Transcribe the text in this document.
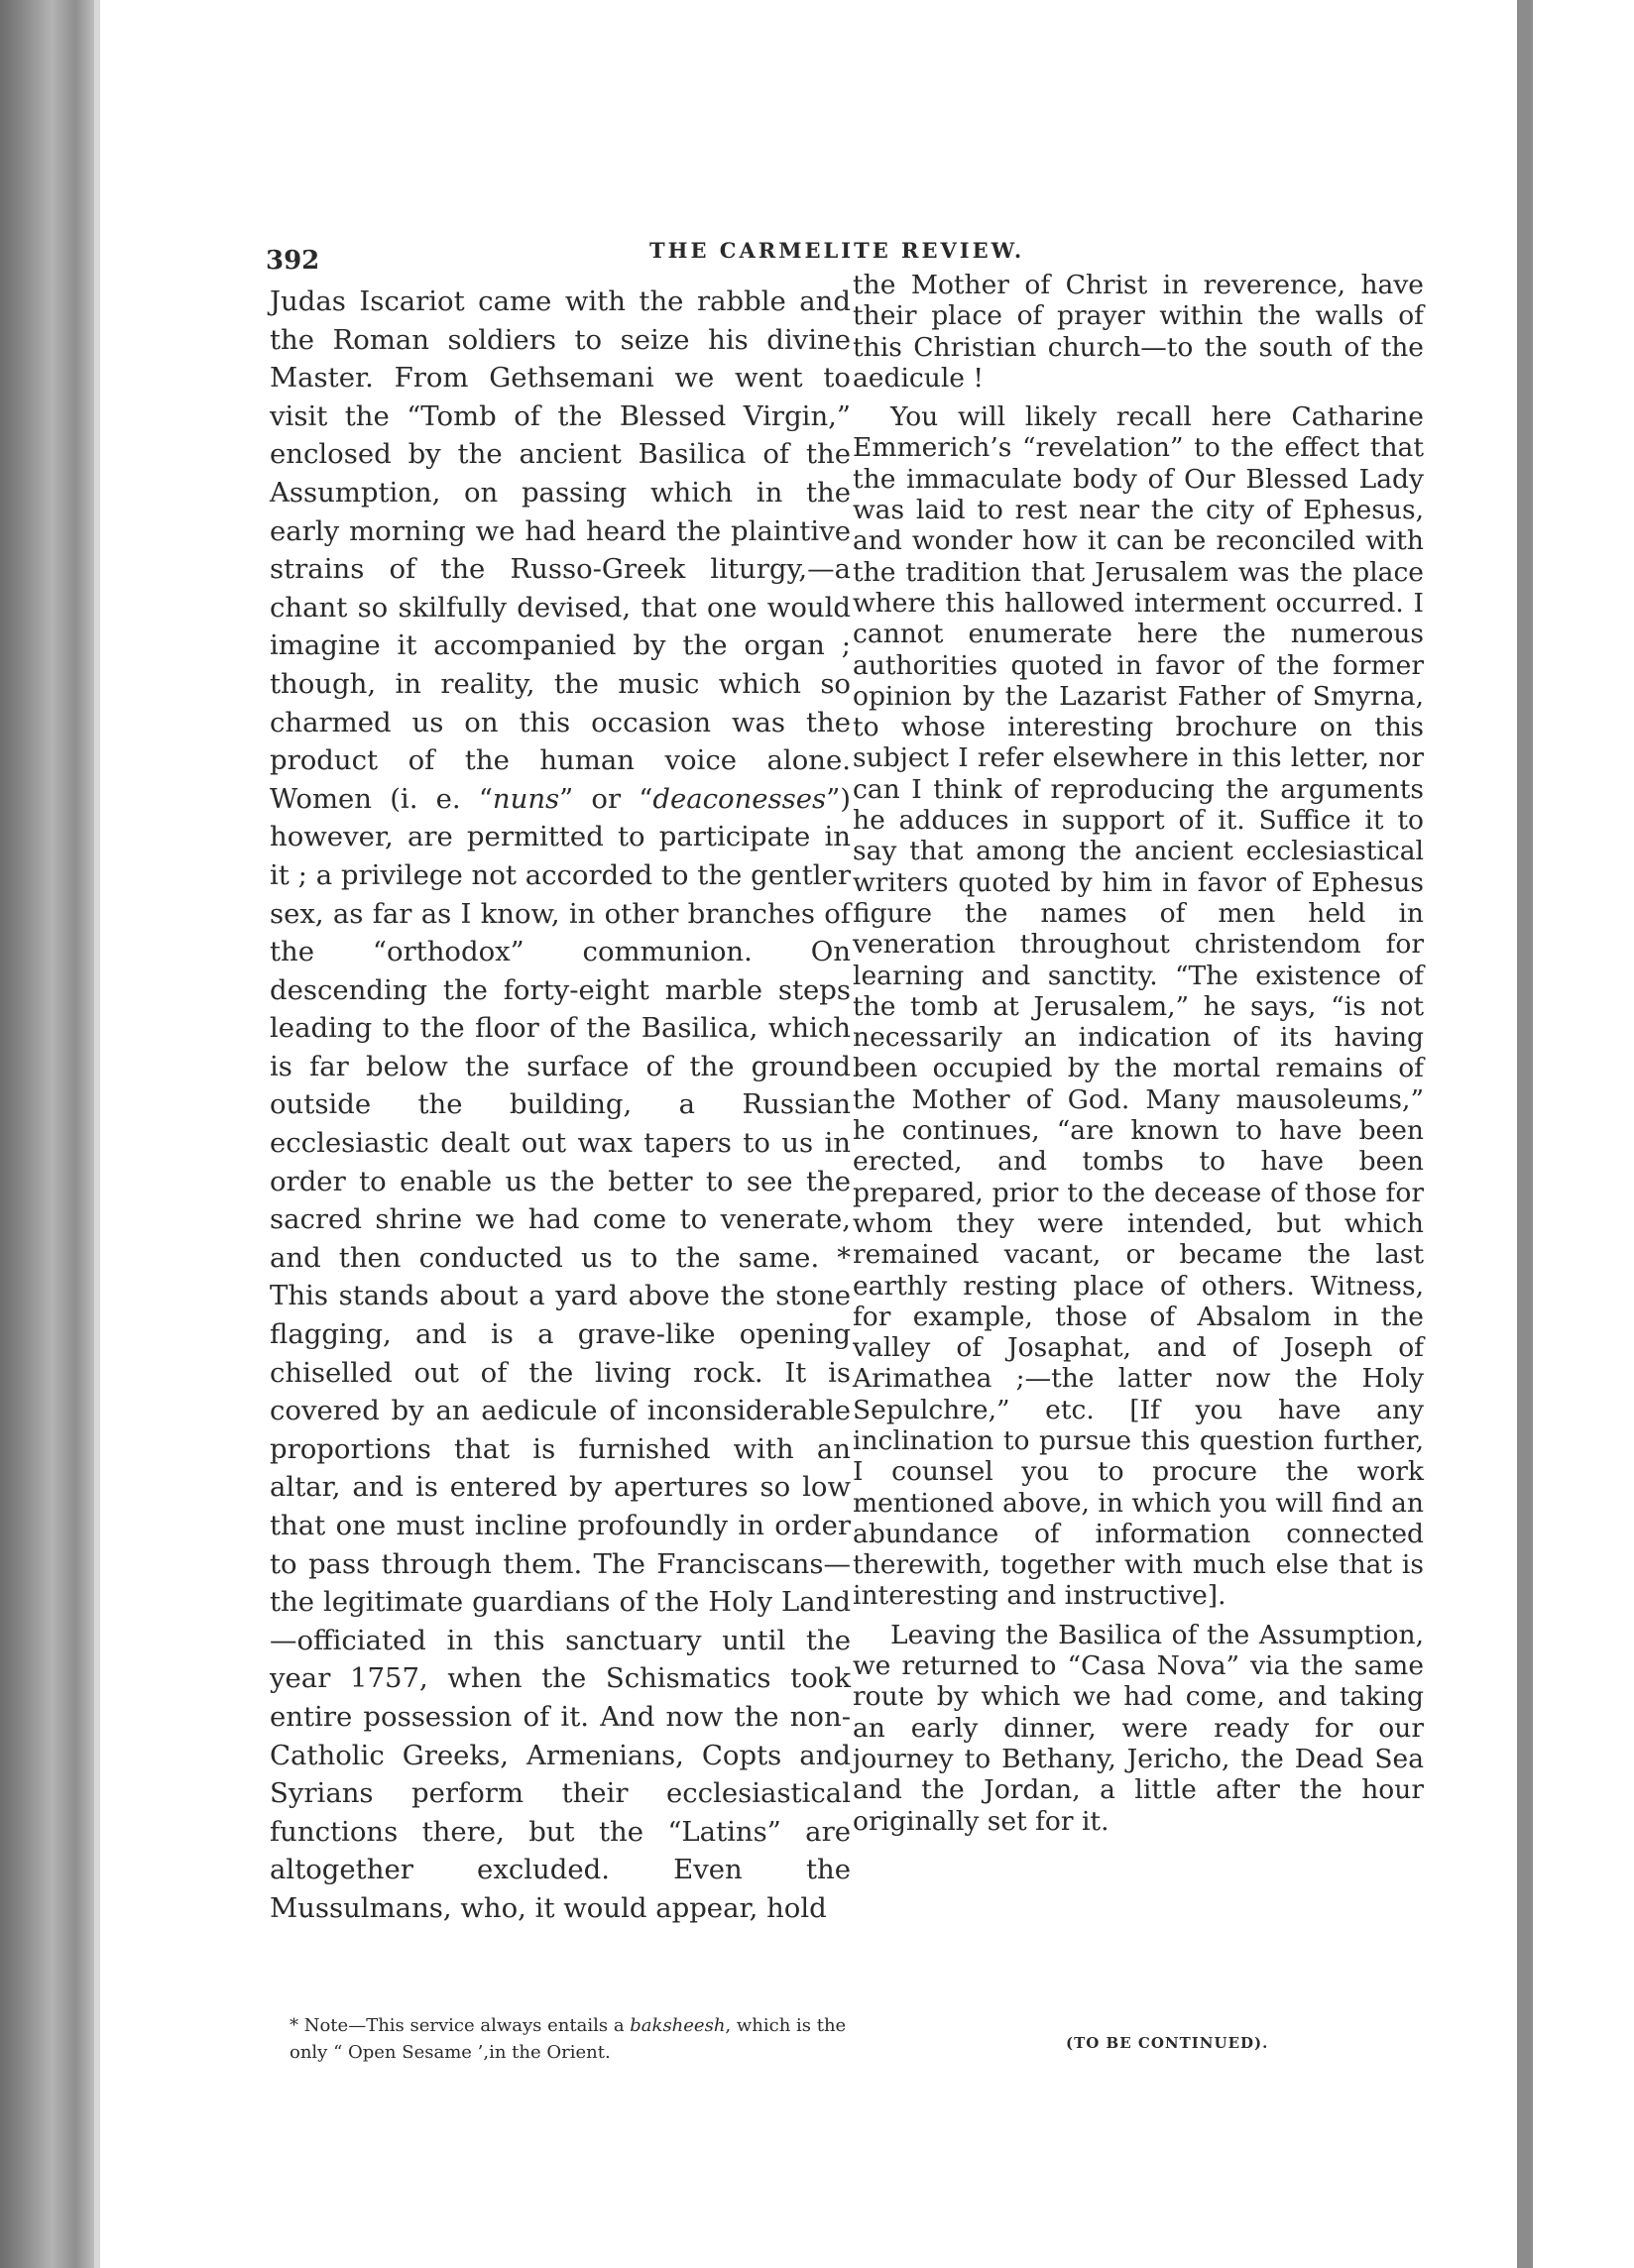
392	THE CARMELITE REVIEW.

Judas Iscariot came with the rabble and the Roman soldiers to seize his divine Master. From Gethsemani we went to visit the “Tomb of the Blessed Virgin,” enclosed by the ancient Basilica of the Assumption, on passing which in the early morning we had heard the plaintive strains of the Russo-Greek liturgy,—a chant so skilfully devised, that one would imagine it accompanied by the organ ; though, in reality, the music which so charmed us on this occasion was the product of the human voice alone. Women (i. e. “nuns” or “deaconesses”) however, are permitted to participate in it ; a privilege not accorded to the gentler sex, as far as I know, in other branches of the “orthodox” communion. On descending the forty-eight marble steps leading to the floor of the Basilica, which is far below the surface of the ground outside the building, a Russian ecclesiastic dealt out wax tapers to us in order to enable us the better to see the sacred shrine we had come to venerate, and then conducted us to the same. * This stands about a yard above the stone flagging, and is a grave-like opening chiselled out of the living rock. It is covered by an aedicule of inconsiderable proportions that is furnished with an altar, and is entered by apertures so low that one must incline profoundly in order to pass through them. The Franciscans—the legitimate guardians of the Holy Land—officiated in this sanctuary until the year 1757, when the Schismatics took entire possession of it. And now the non-Catholic Greeks, Armenians, Copts and Syrians perform their ecclesiastical functions there, but the “Latins” are altogether excluded. Even the Mussulmans, who, it would appear, hold

the Mother of Christ in reverence, have their place of prayer within the walls of this Christian church—to the south of the aedicule !

You will likely recall here Catharine Emmerich’s “revelation” to the effect that the immaculate body of Our Blessed Lady was laid to rest near the city of Ephesus, and wonder how it can be reconciled with the tradition that Jerusalem was the place where this hallowed interment occurred. I cannot enumerate here the numerous authorities quoted in favor of the former opinion by the Lazarist Father of Smyrna, to whose interesting brochure on this subject I refer elsewhere in this letter, nor can I think of reproducing the arguments he adduces in support of it. Suffice it to say that among the ancient ecclesiastical writers quoted by him in favor of Ephesus figure the names of men held in veneration throughout christendom for learning and sanctity. “The existence of the tomb at Jerusalem,” he says, “is not necessarily an indication of its having been occupied by the mortal remains of the Mother of God. Many mausoleums,” he continues, “are known to have been erected, and tombs to have been prepared, prior to the decease of those for whom they were intended, but which remained vacant, or became the last earthly resting place of others. Witness, for example, those of Absalom in the valley of Josaphat, and of Joseph of Arimathea ;—the latter now the Holy Sepulchre,” etc. [If you have any inclination to pursue this question further, I counsel you to procure the work mentioned above, in which you will find an abundance of information connected therewith, together with much else that is interesting and instructive].

Leaving the Basilica of the Assumption, we returned to “Casa Nova” via the same route by which we had come, and taking an early dinner, were ready for our journey to Bethany, Jericho, the Dead Sea and the Jordan, a little after the hour originally set for it.

* Note—This service always entails a baksheesh, which is the only “ Open Sesame ’,in the Orient.	(TO BE CONTINUED).
